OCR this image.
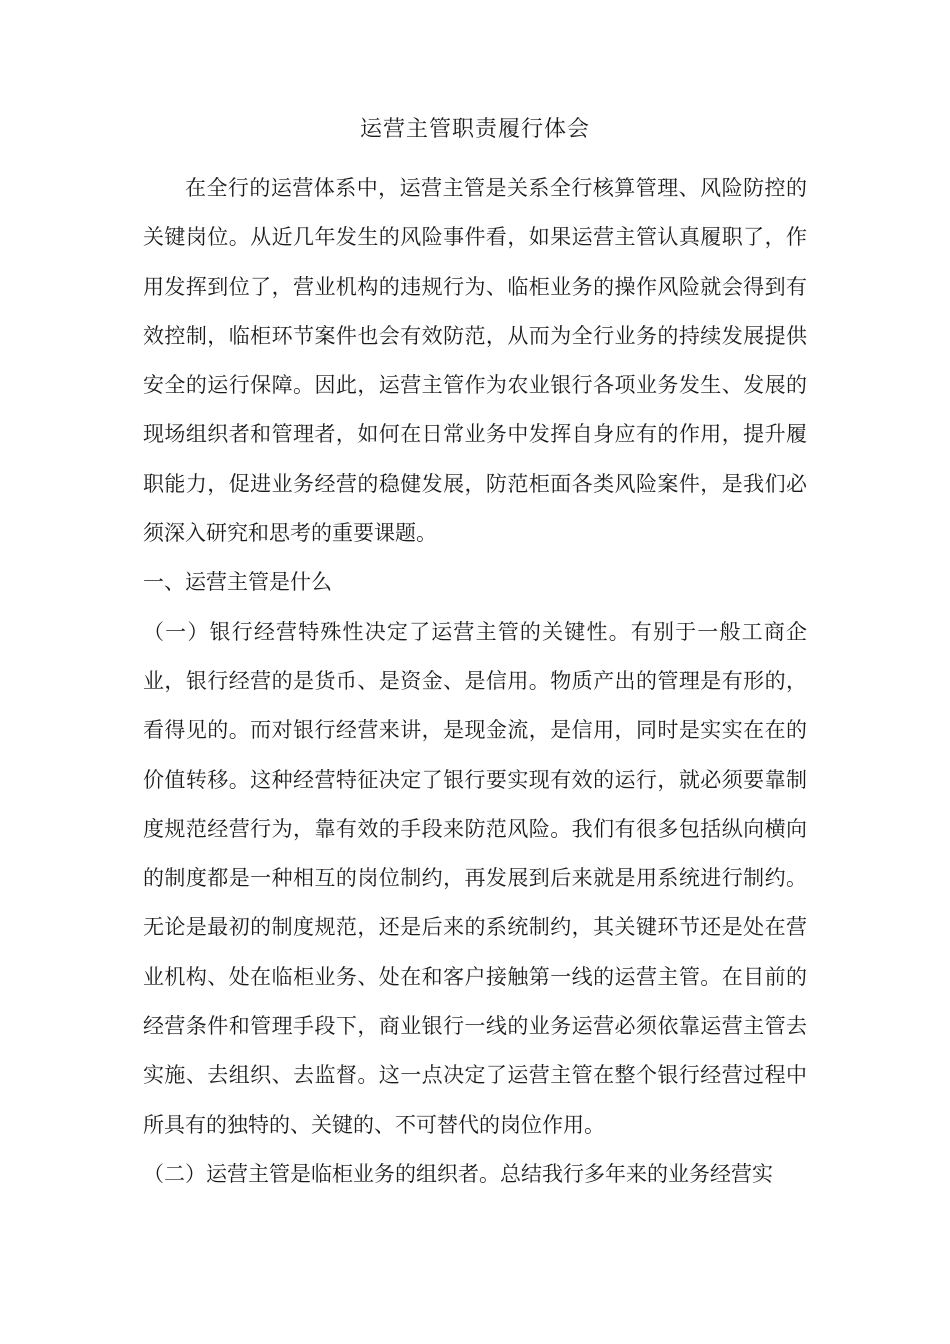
运营主管职责履行体会

在全行的运营体系中，运营主管是关系全行核算管理、风险防控的关键岗位。从近几年发生的风险事件看，如果运营主管认真履职了，作用发挥到位了，营业机构的违规行为、临柜业务的操作风险就会得到有效控制，临柜环节案件也会有效防范，从而为全行业务的持续发展提供安全的运行保障。因此，运营主管作为农业银行各项业务发生、发展的现场组织者和管理者，如何在日常业务中发挥自身应有的作用，提升履职能力，促进业务经营的稳健发展，防范柜面各类风险案件，是我们必须深入研究和思考的重要课题。

一、运营主管是什么

（一）银行经营特殊性决定了运营主管的关键性。有别于一般工商企业，银行经营的是货币、是资金、是信用。物质产出的管理是有形的，看得见的。而对银行经营来讲，是现金流，是信用，同时是实实在在的价值转移。这种经营特征决定了银行要实现有效的运行，就必须要靠制度规范经营行为，靠有效的手段来防范风险。我们有很多包括纵向横向的制度都是一种相互的岗位制约，再发展到后来就是用系统进行制约。无论是最初的制度规范，还是后来的系统制约，其关键环节还是处在营业机构、处在临柜业务、处在和客户接触第一线的运营主管。在目前的经营条件和管理手段下，商业银行一线的业务运营必须依靠运营主管去实施、去组织、去监督。这一点决定了运营主管在整个银行经营过程中所具有的独特的、关键的、不可替代的岗位作用。

（二）运营主管是临柜业务的组织者。总结我行多年来的业务经营实
